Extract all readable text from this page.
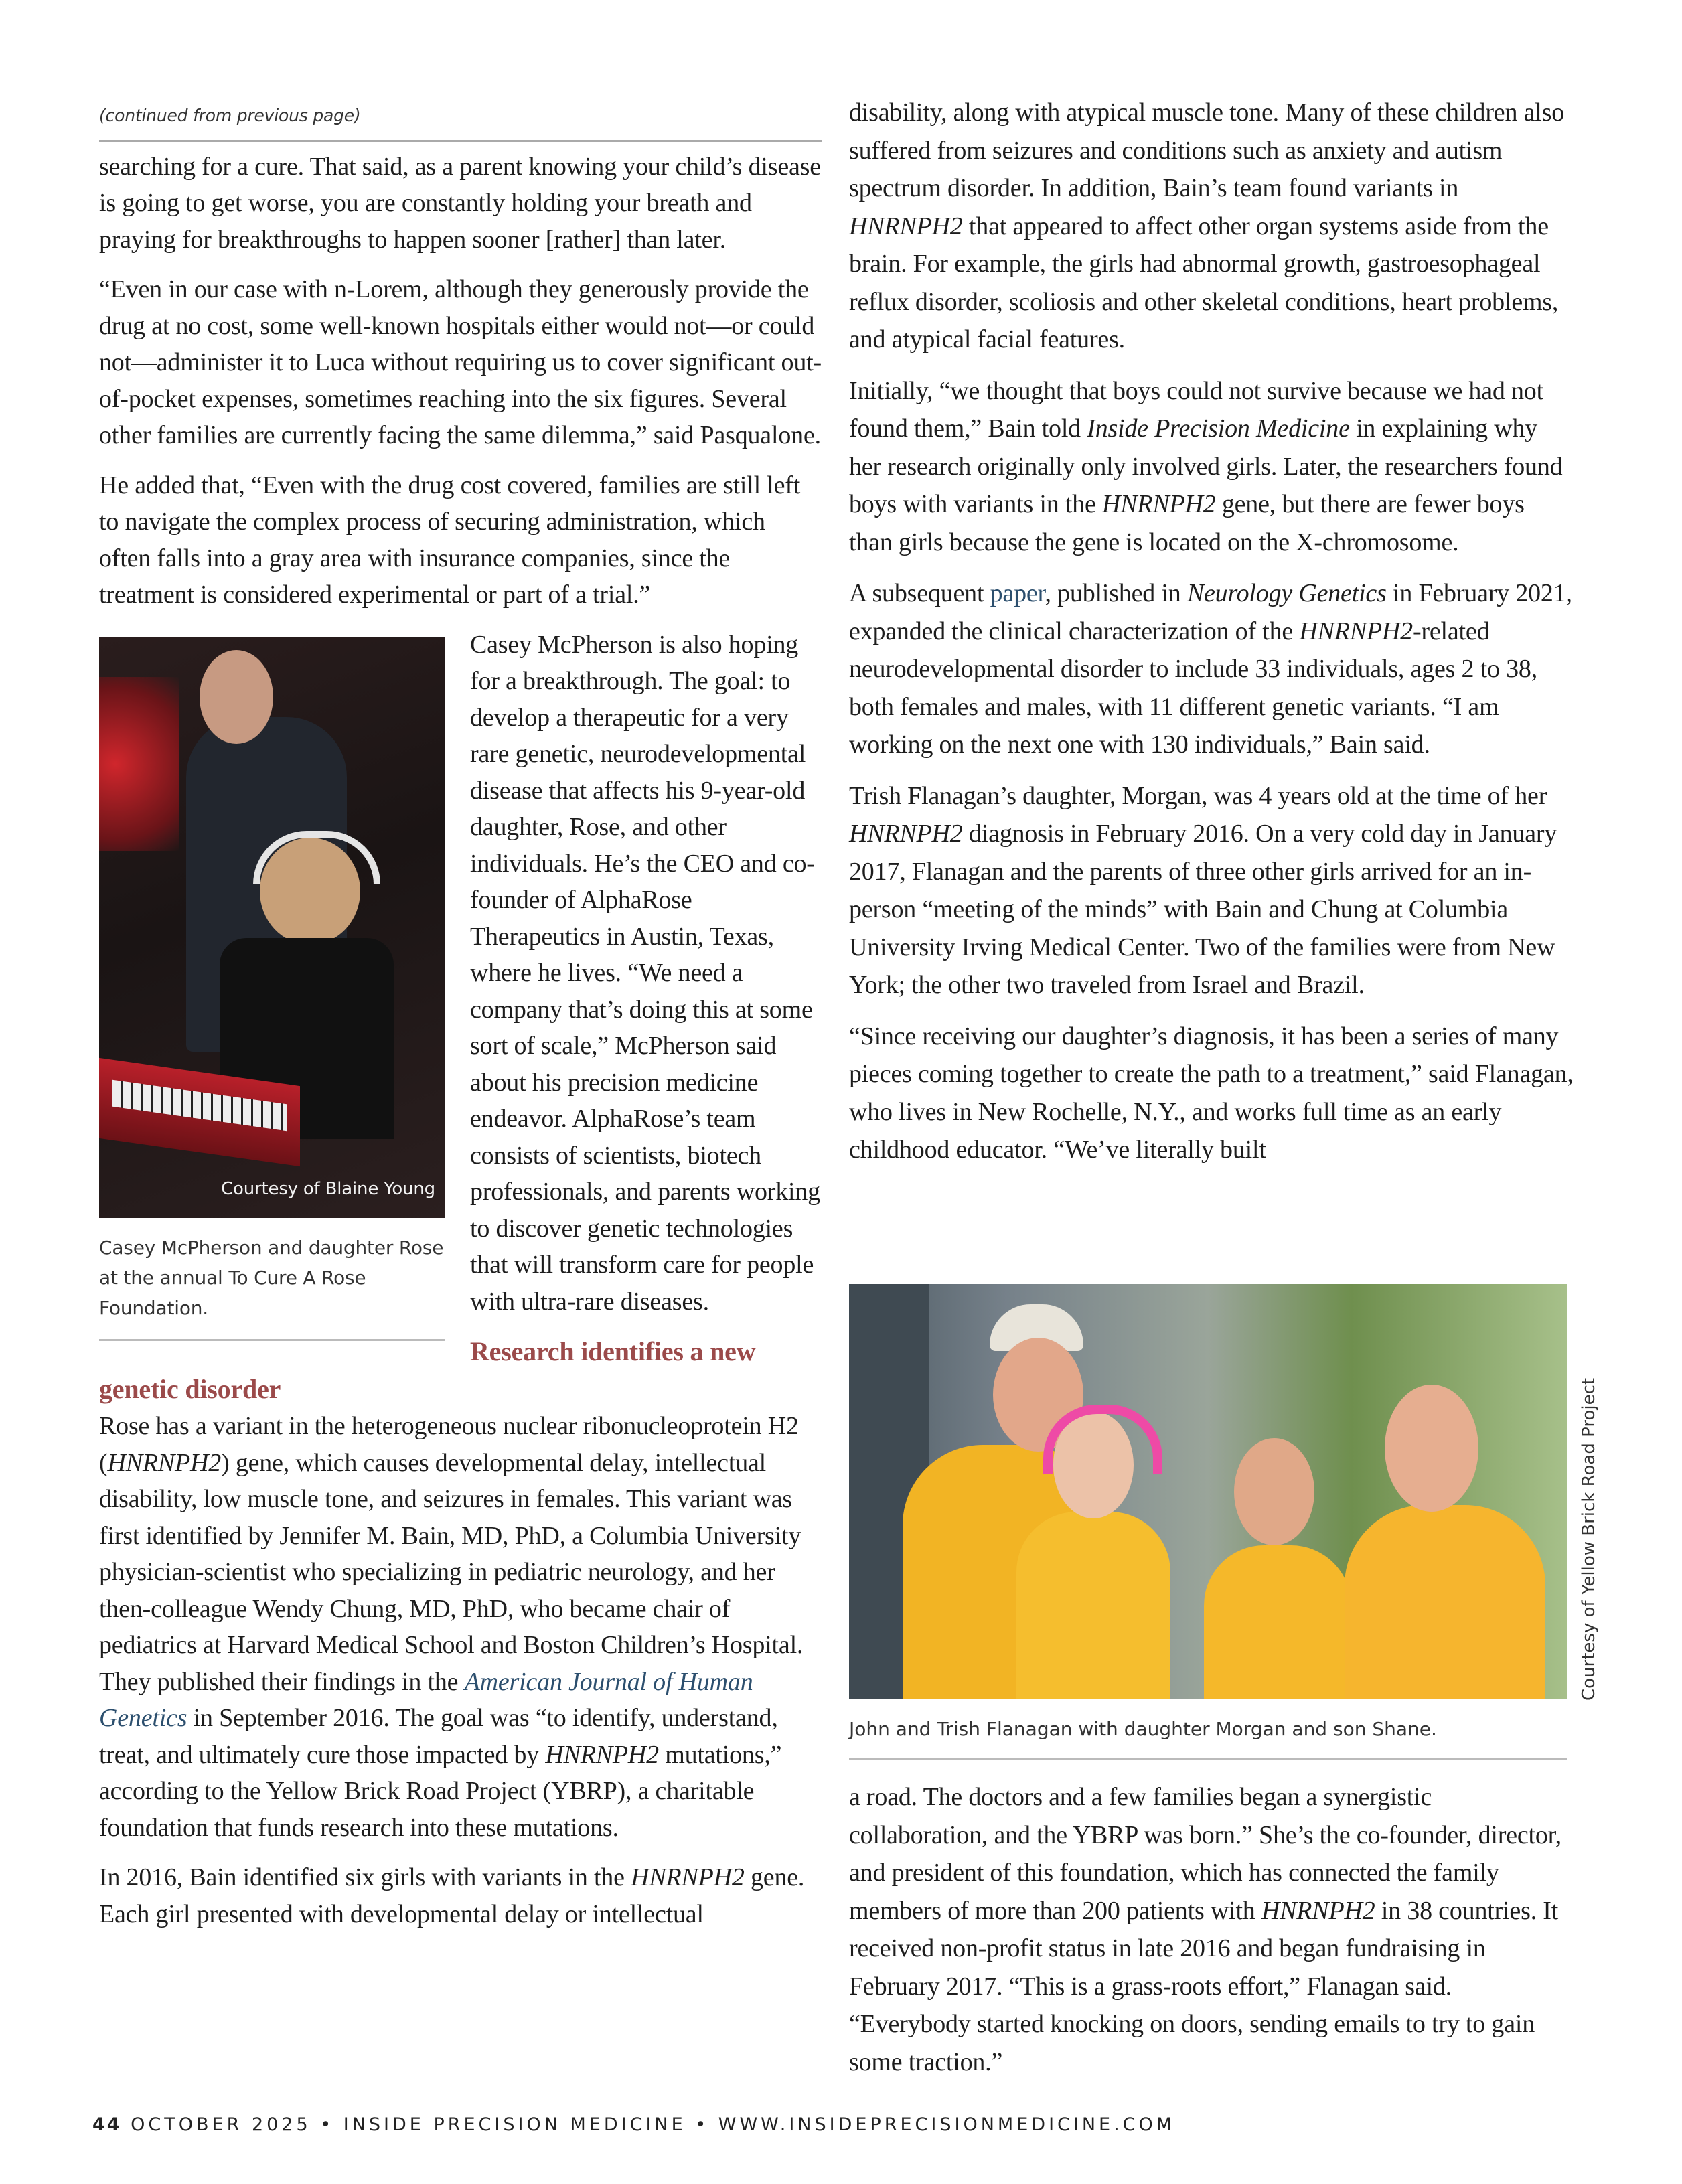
(continued from previous page)

searching for a cure. That said, as a parent knowing your child’s disease is going to get worse, you are constantly holding your breath and praying for breakthroughs to happen sooner [rather] than later.

Courtesy of Blaine Young
Casey McPherson and daughter Rose at the annual To Cure A Rose Foundation.

“Even in our case with n-Lorem, although they generously provide the drug at no cost, some well-known hospitals either would not—or could not—administer it to Luca without requiring us to cover significant out-of-pocket expenses, sometimes reaching into the six figures. Several other families are currently facing the same dilemma,” said Pasqualone.

He added that, “Even with the drug cost covered, families are still left to navigate the complex process of securing administration, which often falls into a gray area with insurance companies, since the treatment is considered experimental or part of a trial.”

Casey McPherson is also hoping for a breakthrough. The goal: to develop a therapeutic for a very rare genetic, neurodevelopmental disease that affects his 9-year-old daughter, Rose, and other individuals. He’s the CEO and co-founder of AlphaRose Therapeutics in Austin, Texas, where he lives. “We need a company that’s doing this at some sort of scale,” McPherson said about his precision medicine endeavor. AlphaRose’s team consists of scientists, biotech professionals, and parents working to discover genetic technologies that will transform care for people with ultra-rare diseases.

Research identifies a new genetic disorder

Rose has a variant in the heterogeneous nuclear ribonucleoprotein H2 (HNRNPH2) gene, which causes developmental delay, intellectual disability, low muscle tone, and seizures in females. This variant was first identified by Jennifer M. Bain, MD, PhD, a Columbia University physician-scientist who specializing in pediatric neurology, and her then-colleague Wendy Chung, MD, PhD, who became chair of pediatrics at Harvard Medical School and Boston Children’s Hospital. They published their findings in the American Journal of Human Genetics in September 2016. The goal was “to identify, understand, treat, and ultimately cure those impacted by HNRNPH2 mutations,” according to the Yellow Brick Road Project (YBRP), a charitable foundation that funds research into these mutations.

In 2016, Bain identified six girls with variants in the HNRNPH2 gene. Each girl presented with developmental delay or intellectual

disability, along with atypical muscle tone. Many of these children also suffered from seizures and conditions such as anxiety and autism spectrum disorder. In addition, Bain’s team found variants in HNRNPH2 that appeared to affect other organ systems aside from the brain. For example, the girls had abnormal growth, gastroesophageal reflux disorder, scoliosis and other skeletal conditions, heart problems, and atypical facial features.

Initially, “we thought that boys could not survive because we had not found them,” Bain told Inside Precision Medicine in explaining why her research originally only involved girls. Later, the researchers found boys with variants in the HNRNPH2 gene, but there are fewer boys than girls because the gene is located on the X-chromosome.

A subsequent paper, published in Neurology Genetics in February 2021, expanded the clinical characterization of the HNRNPH2-related neurodevelopmental disorder to include 33 individuals, ages 2 to 38, both females and males, with 11 different genetic variants. “I am working on the next one with 130 individuals,” Bain said.

Trish Flanagan’s daughter, Morgan, was 4 years old at the time of her HNRNPH2 diagnosis in February 2016. On a very cold day in January 2017, Flanagan and the parents of three other girls arrived for an in-person “meeting of the minds” with Bain and Chung at Columbia University Irving Medical Center. Two of the families were from New York; the other two traveled from Israel and Brazil.

“Since receiving our daughter’s diagnosis, it has been a series of many pieces coming together to create the path to a treatment,” said Flanagan, who lives in New Rochelle, N.Y., and works full time as an early childhood educator. “We’ve literally built

Courtesy of Yellow Brick Road Project
John and Trish Flanagan with daughter Morgan and son Shane.

a road. The doctors and a few families began a synergistic collaboration, and the YBRP was born.” She’s the co-founder, director, and president of this foundation, which has connected the family members of more than 200 patients with HNRNPH2 in 38 countries. It received non-profit status in late 2016 and began fundraising in February 2017. “This is a grass-roots effort,” Flanagan said. “Everybody started knocking on doors, sending emails to try to gain some traction.”

44 OCTOBER 2025 • INSIDE PRECISION MEDICINE • WWW.INSIDEPRECISIONMEDICINE.COM
